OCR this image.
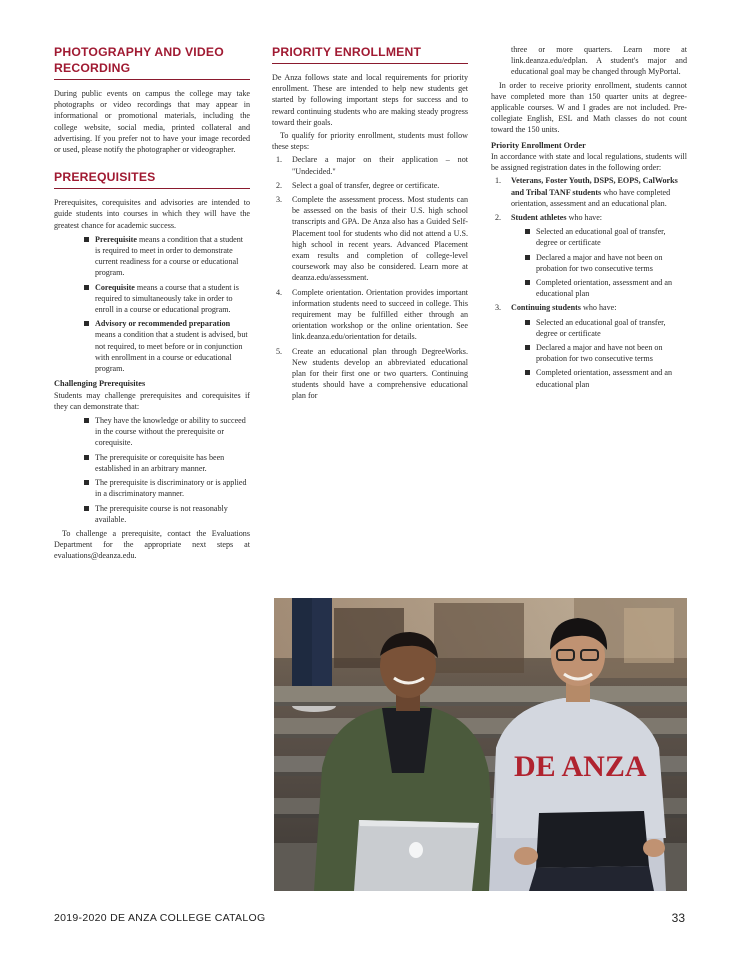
PHOTOGRAPHY AND VIDEO RECORDING

During public events on campus the college may take photographs or video recordings that may appear in informational or promotional materials, including the college website, social media, printed collateral and advertising. If you prefer not to have your image recorded or used, please notify the photographer or videographer.

PREREQUISITES

Prerequisites, corequisites and advisories are intended to guide students into courses in which they will have the greatest chance for academic success.

Prerequisite means a condition that a student is required to meet in order to demonstrate current readiness for a course or educational program.
Corequisite means a course that a student is required to simultaneously take in order to enroll in a course or educational program.
Advisory or recommended preparation means a condition that a student is advised, but not required, to meet before or in conjunction with enrollment in a course or educational program.
Challenging Prerequisites

Students may challenge prerequisites and corequisites if they can demonstrate that:

They have the knowledge or ability to succeed in the course without the prerequisite or corequisite.
The prerequisite or corequisite has been established in an arbitrary manner.
The prerequisite is discriminatory or is applied in a discriminatory manner.
The prerequisite course is not reasonably available.

To challenge a prerequisite, contact the Evaluations Department for the appropriate next steps at evaluations@deanza.edu.

PRIORITY ENROLLMENT

De Anza follows state and local requirements for priority enrollment. These are intended to help new students get started by following important steps for success and to reward continuing students who are making steady progress toward their goals.

To qualify for priority enrollment, students must follow these steps:

1. Declare a major on their application – not "Undecided."
2. Select a goal of transfer, degree or certificate.
3. Complete the assessment process. Most students can be assessed on the basis of their U.S. high school transcripts and GPA. De Anza also has a Guided Self-Placement tool for students who did not attend a U.S. high school in recent years. Advanced Placement exam results and completion of college-level coursework may also be considered. Learn more at deanza.edu/assessment.
4. Complete orientation. Orientation provides important information students need to succeed in college. This requirement may be fulfilled either through an orientation workshop or the online orientation. See link.deanza.edu/orientation for details.
5. Create an educational plan through DegreeWorks. New students develop an abbreviated educational plan for their first one or two quarters. Continuing students should have a comprehensive educational plan for

three or more quarters. Learn more at link.deanza.edu/edplan. A student's major and educational goal may be changed through MyPortal.

In order to receive priority enrollment, students cannot have completed more than 150 quarter units at degree-applicable courses. W and I grades are not included. Pre-collegiate English, ESL and Math classes do not count toward the 150 units.

Priority Enrollment Order

In accordance with state and local regulations, students will be assigned registration dates in the following order:

1. Veterans, Foster Youth, DSPS, EOPS, CalWorks and Tribal TANF students who have completed orientation, assessment and an educational plan.
2. Student athletes who have:
Selected an educational goal of transfer, degree or certificate
Declared a major and have not been on probation for two consecutive terms
Completed orientation, assessment and an educational plan
3. Continuing students who have:
Selected an educational goal of transfer, degree or certificate
Declared a major and have not been on probation for two consecutive terms
Completed orientation, assessment and an educational plan
DE ANZA
2019-2020 DE ANZA COLLEGE CATALOG	33
